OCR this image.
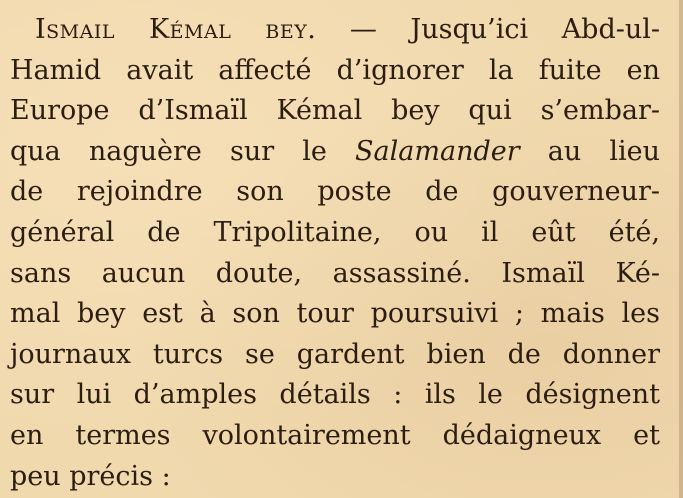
Ismail Kémal bey. — Jusqu’ici Abd-ul-
Hamid avait affecté d’ignorer la fuite en
Europe d’Ismaïl Kémal bey qui s’embar-
qua naguère sur le Salamander au lieu
de rejoindre son poste de gouverneur-
général de Tripolitaine, ou il eût été,
sans aucun doute, assassiné. Ismaïl Ké-
mal bey est à son tour poursuivi ; mais les
journaux turcs se gardent bien de donner
sur lui d’amples détails : ils le désignent
en termes volontairement dédaigneux et
peu précis :
